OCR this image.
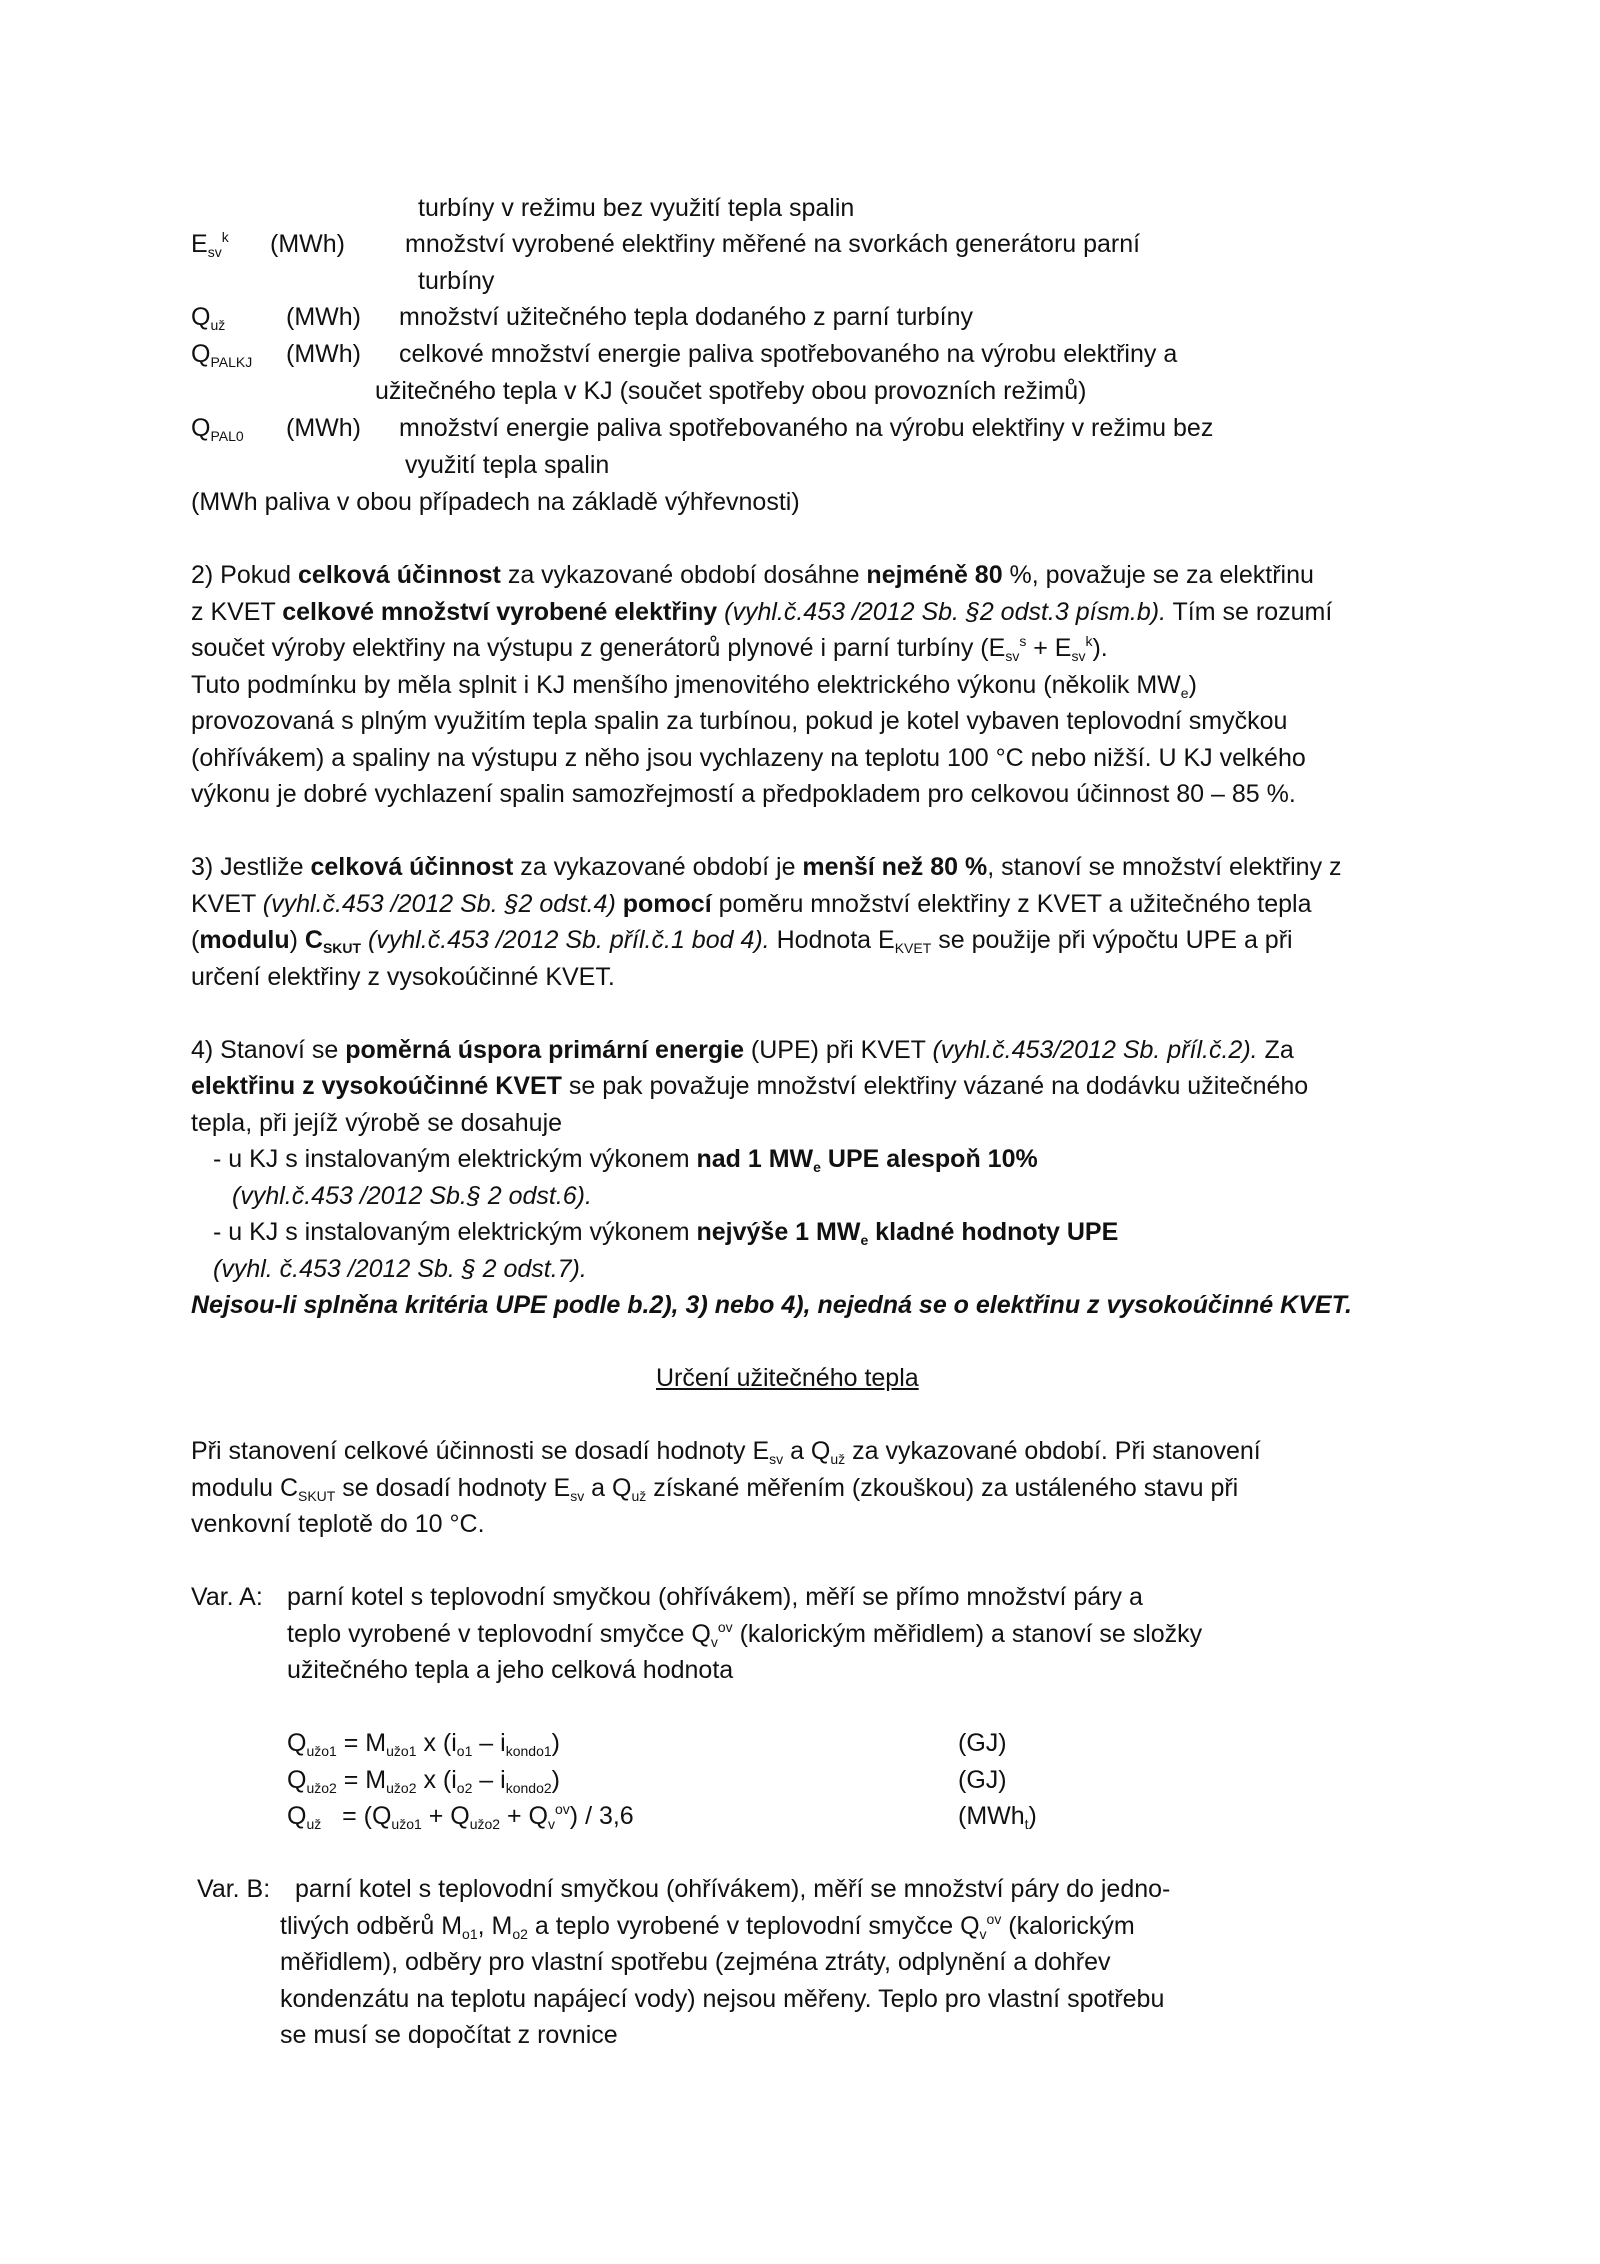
turbíny v režimu bez využití tepla spalin
$E_{sv}^k$ (MWh) množství vyrobené elektřiny měřené na svorkách generátoru parní
turbíny
$Q_{už}$ (MWh) množství užitečného tepla dodaného z parní turbíny
$Q_{PALKJ}$ (MWh) celkové množství energie paliva spotřebovaného na výrobu elektřiny a
užitečného tepla v KJ (součet spotřeby obou provozních režimů)
$Q_{PAL0}$ (MWh) množství energie paliva spotřebovaného na výrobu elektřiny v režimu bez
využití tepla spalin
(MWh paliva v obou případech na základě výhřevnosti)
2) Pokud celková účinnost za vykazované období dosáhne nejméně 80 %, považuje se za elektřinu
z KVET celkové množství vyrobené elektřiny (vyhl.č.453 /2012 Sb. §2 odst.3 písm.b). Tím se rozumí
součet výroby elektřiny na výstupu z generátorů plynové i parní turbíny $(E_{sv}^s + E_{sv}^k)$.
Tuto podmínku by měla splnit i KJ menšího jmenovitého elektrického výkonu (několik $MW_e$)
provozovaná s plným využitím tepla spalin za turbínou, pokud je kotel vybaven teplovodní smyčkou
(ohřívákem) a spaliny na výstupu z něho jsou vychlazeny na teplotu 100 °C nebo nižší. U KJ velkého
výkonu je dobré vychlazení spalin samozřejmostí a předpokladem pro celkovou účinnost 80 – 85 %.
3) Jestliže celková účinnost za vykazované období je menší než 80 %, stanoví se množství elektřiny z
KVET (vyhl.č.453 /2012 Sb. §2 odst.4) pomocí poměru množství elektřiny z KVET a užitečného tepla
(modulu) $C_{SKUT}$ (vyhl.č.453 /2012 Sb. příl.č.1 bod 4). Hodnota $E_{KVET}$ se použije při výpočtu UPE a při
určení elektřiny z vysokoúčinné KVET.
4) Stanoví se poměrná úspora primární energie (UPE) při KVET (vyhl.č.453/2012 Sb. příl.č.2). Za
elektřinu z vysokoúčinné KVET se pak považuje množství elektřiny vázané na dodávku užitečného
tepla, při jejíž výrobě se dosahuje
- u KJ s instalovaným elektrickým výkonem nad 1 $MW_e$ UPE alespoň 10%
(vyhl.č.453 /2012 Sb.§ 2 odst.6).
- u KJ s instalovaným elektrickým výkonem nejvýše 1 $MW_e$ kladné hodnoty UPE
(vyhl. č.453 /2012 Sb. § 2 odst.7).
Nejsou-li splněna kritéria UPE podle b.2), 3) nebo 4), nejedná se o elektřinu z vysokoúčinné KVET.
Určení užitečného tepla
Při stanovení celkové účinnosti se dosadí hodnoty $E_{sv}$ a $Q_{už}$ za vykazované období. Při stanovení
modulu $C_{SKUT}$ se dosadí hodnoty $E_{sv}$ a $Q_{už}$ získané měřením (zkouškou) za ustáleného stavu při
venkovní teplotě do 10 °C.
Var. A: parní kotel s teplovodní smyčkou (ohřívákem), měří se přímo množství páry a
teplo vyrobené v teplovodní smyčce $Q_v^{ov}$ (kalorickým měřidlem) a stanoví se složky
užitečného tepla a jeho celková hodnota
$Q_{užo1} = M_{užo1}$ x $(i_{o1} - i_{kondo1})$	(GJ)
$Q_{užo2} = M_{užo2}$ x $(i_{o2} - i_{kondo2})$	(GJ)
$Q_{už} = (Q_{užo1} + Q_{užo2} + Q_v^{ov}) / 3,6$	(MWh$_t$)
Var. B: parní kotel s teplovodní smyčkou (ohřívákem), měří se množství páry do jedno-
tlivých odběrů $M_{o1}$, $M_{o2}$ a teplo vyrobené v teplovodní smyčce $Q_v^{ov}$ (kalorickým
měřidlem), odběry pro vlastní spotřebu (zejména ztráty, odplynění a dohřev
kondenzátu na teplotu napájecí vody) nejsou měřeny. Teplo pro vlastní spotřebu
se musí se dopočítat z rovnice
